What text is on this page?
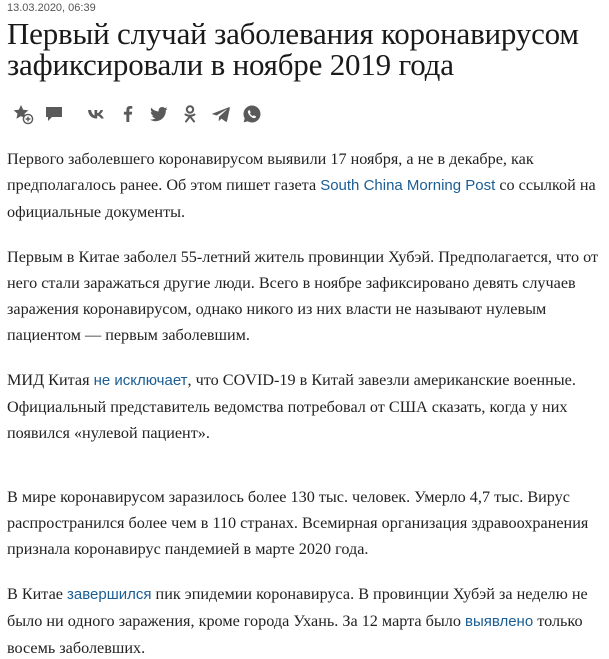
13.03.2020, 06:39
Первый случай заболевания коронавирусом зафиксировали в ноябре 2019 года

Первого заболевшего коронавирусом выявили 17 ноября, а не в декабре, как предполагалось ранее. Об этом пишет газета South China Morning Post со ссылкой на официальные документы.

Первым в Китае заболел 55-летний житель провинции Хубэй. Предполагается, что от него стали заражаться другие люди. Всего в ноябре зафиксировано девять случаев заражения коронавирусом, однако никого из них власти не называют нулевым пациентом — первым заболевшим.

МИД Китая не исключает, что COVID-19 в Китай завезли американские военные. Официальный представитель ведомства потребовал от США сказать, когда у них появился «нулевой пациент».

В мире коронавирусом заразилось более 130 тыс. человек. Умерло 4,7 тыс. Вирус распространился более чем в 110 странах. Всемирная организация здравоохранения признала коронавирус пандемией в марте 2020 года.

В Китае завершился пик эпидемии коронавируса. В провинции Хубэй за неделю не было ни одного заражения, кроме города Ухань. За 12 марта было выявлено только восемь заболевших.
